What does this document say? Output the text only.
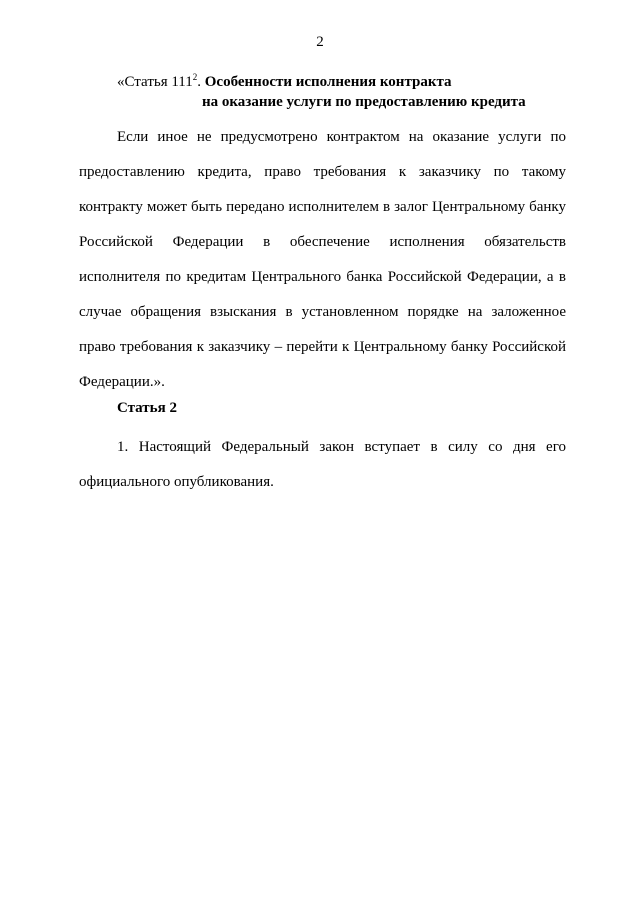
2
«Статья $111^2$. Особенности исполнения контракта
на оказание услуги по предоставлению кредита

Если иное не предусмотрено контрактом на оказание услуги по предоставлению кредита, право требования к заказчику по такому контракту может быть передано исполнителем в залог Центральному банку Российской Федерации в обеспечение исполнения обязательств исполнителя по кредитам Центрального банка Российской Федерации, а в случае обращения взыскания в установленном порядке на заложенное право требования к заказчику – перейти к Центральному банку Российской Федерации.».

Статья 2

1. Настоящий Федеральный закон вступает в силу со дня его официального опубликования.
